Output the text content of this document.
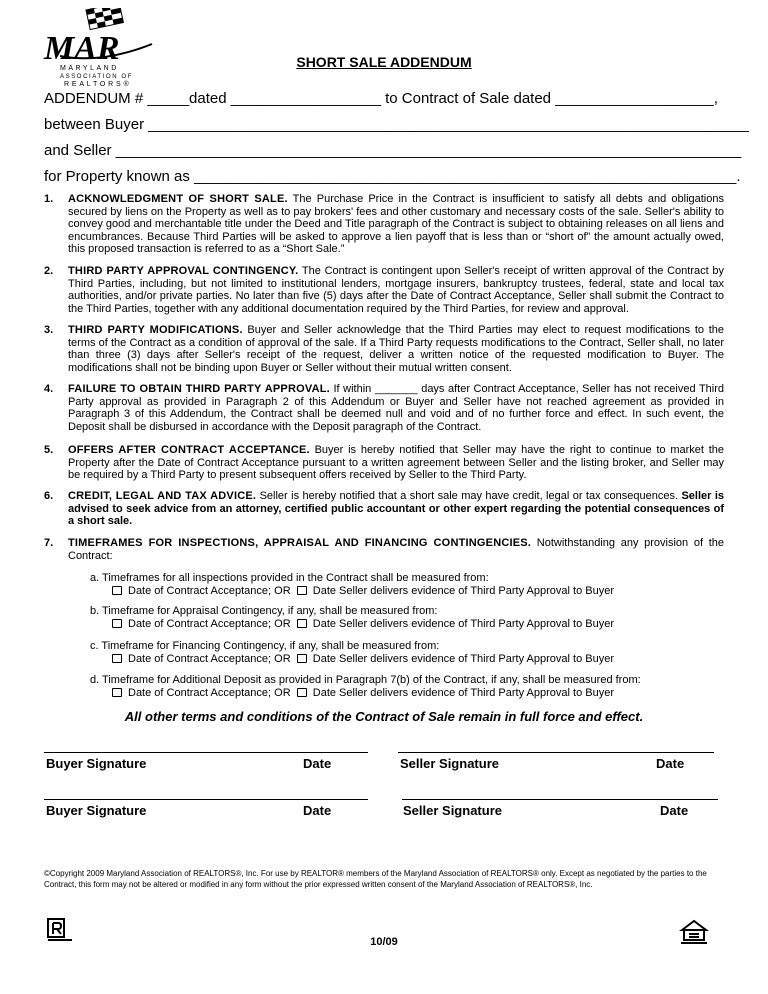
MAR
MARYLAND
ASSOCIATION OF
REALTORS®
SHORT SALE ADDENDUM
ADDENDUM # _____dated __________________ to Contract of Sale dated ___________________,
between Buyer ________________________________________________________________________
and Seller ___________________________________________________________________________
for Property known as _________________________________________________________________.
1.	ACKNOWLEDGMENT OF SHORT SALE. The Purchase Price in the Contract is insufficient to satisfy all debts and obligations secured by liens on the Property as well as to pay brokers' fees and other customary and necessary costs of the sale. Seller's ability to convey good and merchantable title under the Deed and Title paragraph of the Contract is subject to obtaining releases on all liens and encumbrances. Because Third Parties will be asked to approve a lien payoff that is less than or “short of” the amount actually owed, this proposed transaction is referred to as a “Short Sale.”
2.	THIRD PARTY APPROVAL CONTINGENCY. The Contract is contingent upon Seller's receipt of written approval of the Contract by Third Parties, including, but not limited to institutional lenders, mortgage insurers, bankruptcy trustees, federal, state and local tax authorities, and/or private parties. No later than five (5) days after the Date of Contract Acceptance, Seller shall submit the Contract to the Third Parties, together with any additional documentation required by the Third Parties, for review and approval.
3.	THIRD PARTY MODIFICATIONS. Buyer and Seller acknowledge that the Third Parties may elect to request modifications to the terms of the Contract as a condition of approval of the sale. If a Third Party requests modifications to the Contract, Seller shall, no later than three (3) days after Seller's receipt of the request, deliver a written notice of the requested modification to Buyer. The modifications shall not be binding upon Buyer or Seller without their mutual written consent.
4.	FAILURE TO OBTAIN THIRD PARTY APPROVAL. If within _______ days after Contract Acceptance, Seller has not received Third Party approval as provided in Paragraph 2 of this Addendum or Buyer and Seller have not reached agreement as provided in Paragraph 3 of this Addendum, the Contract shall be deemed null and void and of no further force and effect. In such event, the Deposit shall be disbursed in accordance with the Deposit paragraph of the Contract.
5.	OFFERS AFTER CONTRACT ACCEPTANCE. Buyer is hereby notified that Seller may have the right to continue to market the Property after the Date of Contract Acceptance pursuant to a written agreement between Seller and the listing broker, and Seller may be required by a Third Party to present subsequent offers received by Seller to the Third Party.
6.	CREDIT, LEGAL AND TAX ADVICE. Seller is hereby notified that a short sale may have credit, legal or tax consequences. Seller is advised to seek advice from an attorney, certified public accountant or other expert regarding the potential consequences of a short sale.
7.	TIMEFRAMES FOR INSPECTIONS, APPRAISAL AND FINANCING CONTINGENCIES. Notwithstanding any provision of the Contract:
a. Timeframes for all inspections provided in the Contract shall be measured from:
Date of Contract Acceptance; OR Date Seller delivers evidence of Third Party Approval to Buyer
b. Timeframe for Appraisal Contingency, if any, shall be measured from:
Date of Contract Acceptance; OR Date Seller delivers evidence of Third Party Approval to Buyer
c. Timeframe for Financing Contingency, if any, shall be measured from:
Date of Contract Acceptance; OR Date Seller delivers evidence of Third Party Approval to Buyer
d. Timeframe for Additional Deposit as provided in Paragraph 7(b) of the Contract, if any, shall be measured from:
Date of Contract Acceptance; OR Date Seller delivers evidence of Third Party Approval to Buyer
All other terms and conditions of the Contract of Sale remain in full force and effect.
Buyer Signature	Date	Seller Signature	Date
Buyer Signature	Date	Seller Signature	Date
©Copyright 2009 Maryland Association of REALTORS®, Inc. For use by REALTOR® members of the Maryland Association of REALTORS® only. Except as negotiated by the parties to the Contract, this form may not be altered or modified in any form without the prior expressed written consent of the Maryland Association of REALTORS®, Inc.
10/09
